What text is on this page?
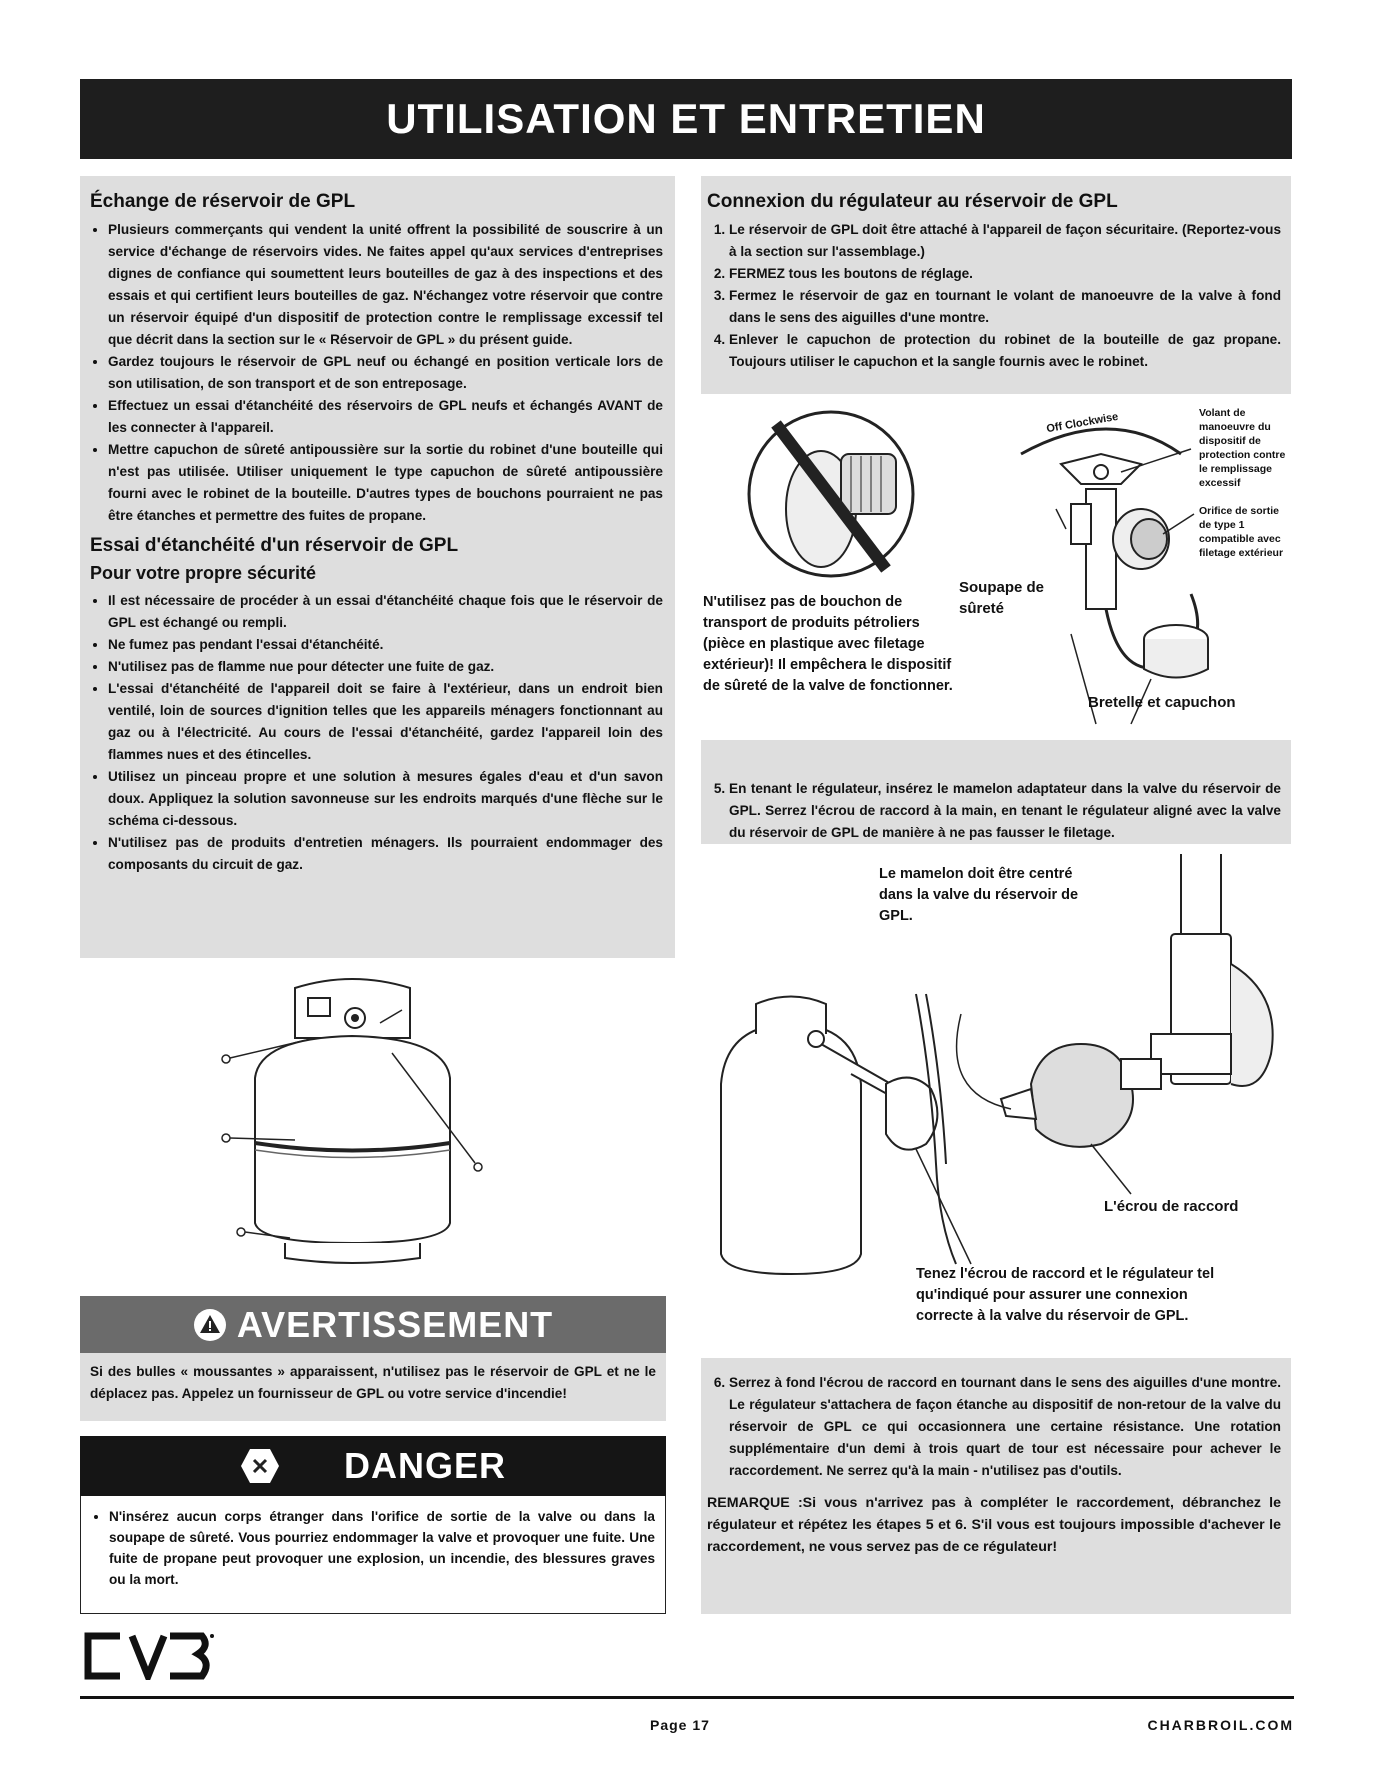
UTILISATION ET ENTRETIEN
Échange de réservoir de GPL
• Plusieurs commerçants qui vendent la unité offrent la possibilité de souscrire à un service d'échange de réservoirs vides. Ne faites appel qu'aux services d'entreprises dignes de confiance qui soumettent leurs bouteilles de gaz à des inspections et des essais et qui certifient leurs bouteilles de gaz. N'échangez votre réservoir que contre un réservoir équipé d'un dispositif de protection contre le remplissage excessif tel que décrit dans la section sur le « Réservoir de GPL » du présent guide.
• Gardez toujours le réservoir de GPL neuf ou échangé en position verticale lors de son utilisation, de son transport et de son entreposage.
• Effectuez un essai d'étanchéité des réservoirs de GPL neufs et échangés AVANT de les connecter à l'appareil.
• Mettre capuchon de sûreté antipoussière sur la sortie du robinet d'une bouteille qui n'est pas utilisée. Utiliser uniquement le type capuchon de sûreté antipoussière fourni avec le robinet de la bouteille. D'autres types de bouchons pourraient ne pas être étanches et permettre des fuites de propane.
Essai d'étanchéité d'un réservoir de GPL
Pour votre propre sécurité
• Il est nécessaire de procéder à un essai d'étanchéité chaque fois que le réservoir de GPL est échangé ou rempli.
• Ne fumez pas pendant l'essai d'étanchéité.
• N'utilisez pas de flamme nue pour détecter une fuite de gaz.
• L'essai d'étanchéité de l'appareil doit se faire à l'extérieur, dans un endroit bien ventilé, loin de sources d'ignition telles que les appareils ménagers fonctionnant au gaz ou à l'électricité. Au cours de l'essai d'étanchéité, gardez l'appareil loin des flammes nues et des étincelles.
• Utilisez un pinceau propre et une solution à mesures égales d'eau et d'un savon doux. Appliquez la solution savonneuse sur les endroits marqués d'une flèche sur le schéma ci-dessous.
• N'utilisez pas de produits d'entretien ménagers. Ils pourraient endommager des composants du circuit de gaz.
AVERTISSEMENT
Si des bulles « moussantes » apparaissent, n'utilisez pas le réservoir de GPL et ne le déplacez pas. Appelez un fournisseur de GPL ou votre service d'incendie!
DANGER
• N'insérez aucun corps étranger dans l'orifice de sortie de la valve ou dans la soupape de sûreté. Vous pourriez endommager la valve et provoquer une fuite. Une fuite de propane peut provoquer une explosion, un incendie, des blessures graves ou la mort.
Connexion du régulateur au réservoir de GPL
1. Le réservoir de GPL doit être attaché à l'appareil de façon sécuritaire. (Reportez-vous à la section sur l'assemblage.)
2. FERMEZ tous les boutons de réglage.
3. Fermez le réservoir de gaz en tournant le volant de manoeuvre de la valve à fond dans le sens des aiguilles d'une montre.
4. Enlever le capuchon de protection du robinet de la bouteille de gaz propane. Toujours utiliser le capuchon et la sangle fournis avec le robinet.
Off Clockwise
N'utilisez pas de bouchon de transport de produits pétroliers (pièce en plastique avec filetage extérieur)! Il empêchera le dispositif de sûreté de la valve de fonctionner.
Soupape de sûreté
Volant de manoeuvre du dispositif de protection contre le remplissage excessif
Orifice de sortie de type 1 compatible avec filetage extérieur
Bretelle et capuchon
5. En tenant le régulateur, insérez le mamelon adaptateur dans la valve du réservoir de GPL. Serrez l'écrou de raccord à la main, en tenant le régulateur aligné avec la valve du réservoir de GPL de manière à ne pas fausser le filetage.
Le mamelon doit être centré dans la valve du réservoir de GPL.
L'écrou de raccord
Tenez l'écrou de raccord et le régulateur tel qu'indiqué pour assurer une connexion correcte à la valve du réservoir de GPL.
6. Serrez à fond l'écrou de raccord en tournant dans le sens des aiguilles d'une montre. Le régulateur s'attachera de façon étanche au dispositif de non-retour de la valve du réservoir de GPL ce qui occasionnera une certaine résistance. Une rotation supplémentaire d'un demi à trois quart de tour est nécessaire pour achever le raccordement. Ne serrez qu'à la main - n'utilisez pas d'outils.
REMARQUE :Si vous n'arrivez pas à compléter le raccordement, débranchez le régulateur et répétez les étapes 5 et 6. S'il vous est toujours impossible d'achever le raccordement, ne vous servez pas de ce régulateur!
Page 17	CHARBROIL.COM
